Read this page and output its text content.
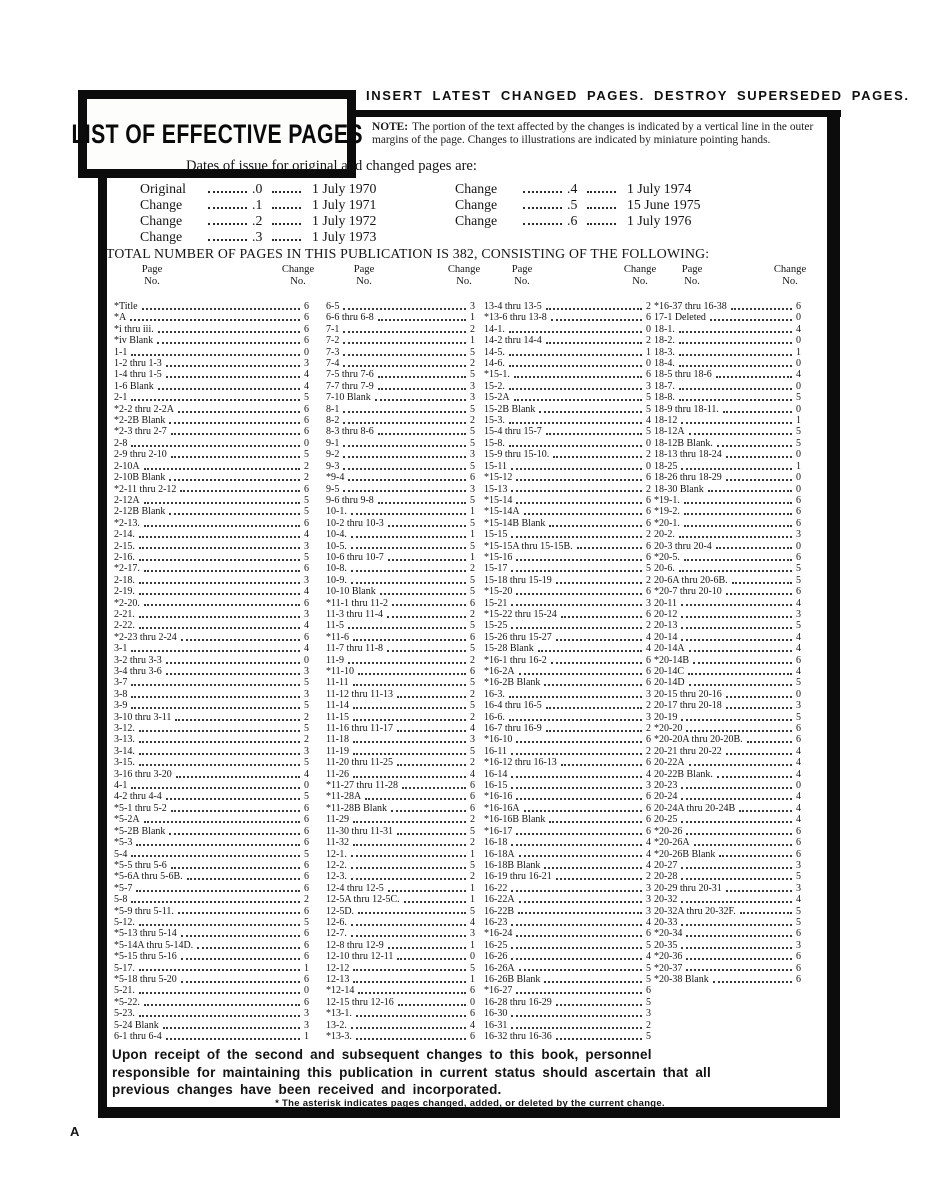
LIST OF EFFECTIVE PAGES
INSERT LATEST CHANGED PAGES. DESTROY SUPERSEDED PAGES.
NOTE: The portion of the text affected by the changes is indicated by a vertical line in the outer margins of the page. Changes to illustrations are indicated by miniature pointing hands.
Dates of issue for original and changed pages are:
Original	.0	1 July 1970
Change	.1	1 July 1971
Change	.2	1 July 1972
Change	.3	1 July 1973
Change	.4	1 July 1974
Change	.5	15 June 1975
Change	.6	1 July 1976
TOTAL NUMBER OF PAGES IN THIS PUBLICATION IS 382, CONSISTING OF THE FOLLOWING:
Page
No.
Change
No.
*Title	6
*A	6
*i thru iii.	6
*iv Blank	6
1-1	0
1-2 thru 1-3	3
1-4 thru 1-5	4
1-6 Blank	4
2-1	5
*2-2 thru 2-2A	6
*2-2B Blank	6
*2-3 thru 2-7	6
2-8	0
2-9 thru 2-10	5
2-10A	2
2-10B Blank	2
*2-11 thru 2-12	6
2-12A	5
2-12B Blank	5
*2-13.	6
2-14.	4
2-15.	3
2-16.	5
*2-17.	6
2-18.	3
2-19.	4
*2-20.	6
2-21.	3
2-22.	4
*2-23 thru 2-24	6
3-1	4
3-2 thru 3-3	0
3-4 thru 3-6	3
3-7	5
3-8	3
3-9	5
3-10 thru 3-11	2
3-12.	5
3-13.	2
3-14.	3
3-15.	5
3-16 thru 3-20	4
4-1	0
4-2 thru 4-4	5
*5-1 thru 5-2	6
*5-2A	6
*5-2B Blank	6
*5-3	6
5-4	5
*5-5 thru 5-6	6
*5-6A thru 5-6B.	6
*5-7	6
5-8	2
*5-9 thru 5-11.	6
5-12.	5
*5-13 thru 5-14	6
*5-14A thru 5-14D.	6
*5-15 thru 5-16	6
5-17.	1
*5-18 thru 5-20	6
5-21.	0
*5-22.	6
5-23.	3
5-24 Blank	3
6-1 thru 6-4	1
Page
No.
Change
No.
6-5	3
6-6 thru 6-8	1
7-1	2
7-2	1
7-3	5
7-4	2
7-5 thru 7-6	5
7-7 thru 7-9	3
7-10 Blank	3
8-1	5
8-2	2
8-3 thru 8-6	5
9-1	5
9-2	3
9-3	5
*9-4	6
9-5	3
9-6 thru 9-8	5
10-1.	1
10-2 thru 10-3	5
10-4.	1
10-5.	5
10-6 thru 10-7	1
10-8.	2
10-9.	5
10-10 Blank	5
*11-1 thru 11-2	6
11-3 thru 11-4	2
11-5	5
*11-6	6
11-7 thru 11-8	5
11-9	2
*11-10	6
11-11	5
11-12 thru 11-13	2
11-14	5
11-15	2
11-16 thru 11-17	4
11-18	3
11-19	5
11-20 thru 11-25	2
11-26	4
*11-27 thru 11-28	6
*11-28A	6
*11-28B Blank	6
11-29	2
11-30 thru 11-31	5
11-32	2
12-1.	1
12-2.	5
12-3.	2
12-4 thru 12-5	1
12-5A thru 12-5C.	1
12-5D.	5
12-6.	4
12-7.	3
12-8 thru 12-9	1
12-10 thru 12-11	0
12-12	5
12-13	1
*12-14	6
12-15 thru 12-16	0
*13-1.	6
13-2.	4
*13-3.	6
Page
No.
Change
No.
13-4 thru 13-5	2
*13-6 thru 13-8	6
14-1.	0
14-2 thru 14-4	2
14-5.	1
14-6.	0
*15-1.	6
15-2.	3
15-2A	5
15-2B Blank	5
15-3.	4
15-4 thru 15-7	5
15-8.	0
15-9 thru 15-10.	2
15-11	0
*15-12	6
15-13	2
*15-14	6
*15-14A	6
*15-14B Blank	6
15-15	2
*15-15A thru 15-15B.	6
*15-16	6
15-17	5
15-18 thru 15-19	2
*15-20	6
15-21	3
*15-22 thru 15-24	6
15-25	2
15-26 thru 15-27	4
15-28 Blank	4
*16-1 thru 16-2	6
*16-2A	6
*16-2B Blank	6
16-3.	3
16-4 thru 16-5	2
16-6.	3
16-7 thru 16-9	2
*16-10	6
16-11	2
*16-12 thru 16-13	6
16-14	4
16-15	3
*16-16	6
*16-16A	6
*16-16B Blank	6
*16-17	6
16-18	4
16-18A	4
16-18B Blank	4
16-19 thru 16-21	2
16-22	3
16-22A	3
16-22B	3
16-23	4
*16-24	6
16-25	5
16-26	4
16-26A	5
16-26B Blank	5
*16-27	6
16-28 thru 16-29	5
16-30	3
16-31	2
16-32 thru 16-36	5
Page
No.
Change
No.
*16-37 thru 16-38	6
17-1 Deleted	0
18-1.	4
18-2.	0
18-3.	1
18-4.	0
18-5 thru 18-6	4
18-7.	0
18-8.	5
18-9 thru 18-11.	0
18-12	1
18-12A	5
18-12B Blank.	5
18-13 thru 18-24	0
18-25	1
18-26 thru 18-29	0
18-30 Blank	0
*19-1.	6
*19-2.	6
*20-1.	6
20-2.	3
20-3 thru 20-4	0
*20-5.	6
20-6.	5
20-6A thru 20-6B.	5
*20-7 thru 20-10	6
20-11	4
20-12	3
20-13	5
20-14	4
20-14A	4
*20-14B	6
20-14C	4
20-14D	5
20-15 thru 20-16	0
20-17 thru 20-18	3
20-19	5
*20-20	6
*20-20A thru 20-20B.	6
20-21 thru 20-22	4
20-22A	4
20-22B Blank.	4
20-23	0
20-24	4
20-24A thru 20-24B	4
20-25	4
*20-26	6
*20-26A	6
*20-26B Blank	6
20-27	3
20-28	5
20-29 thru 20-31	3
20-32	4
20-32A thru 20-32F.	5
20-33	5
*20-34	6
20-35	3
*20-36	6
*20-37	6
*20-38 Blank	6
Upon receipt of the second and subsequent changes to this book, personnel responsible for maintaining this publication in current status should ascertain that all previous changes have been received and incorporated.
* The asterisk indicates pages changed, added, or deleted by the current change.
A
